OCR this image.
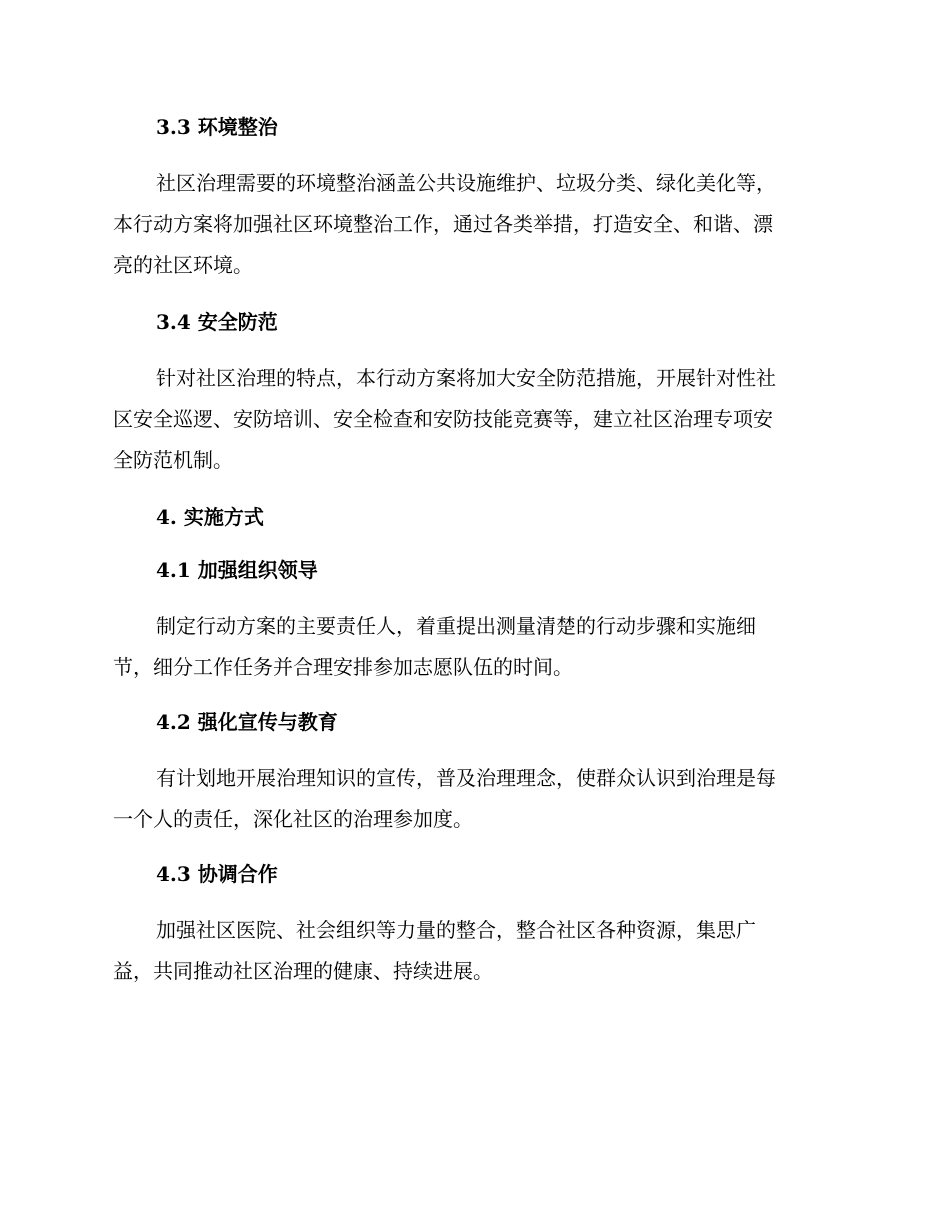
3.3 环境整治
社区治理需要的环境整治涵盖公共设施维护、垃圾分类、绿化美化等，
本行动方案将加强社区环境整治工作，通过各类举措，打造安全、和谐、漂
亮的社区环境。
3.4 安全防范
针对社区治理的特点，本行动方案将加大安全防范措施，开展针对性社
区安全巡逻、安防培训、安全检查和安防技能竞赛等，建立社区治理专项安
全防范机制。
4. 实施方式
4.1 加强组织领导
制定行动方案的主要责任人，着重提出测量清楚的行动步骤和实施细
节，细分工作任务并合理安排参加志愿队伍的时间。
4.2 强化宣传与教育
有计划地开展治理知识的宣传，普及治理理念，使群众认识到治理是每
一个人的责任，深化社区的治理参加度。
4.3 协调合作
加强社区医院、社会组织等力量的整合，整合社区各种资源，集思广
益，共同推动社区治理的健康、持续进展。
